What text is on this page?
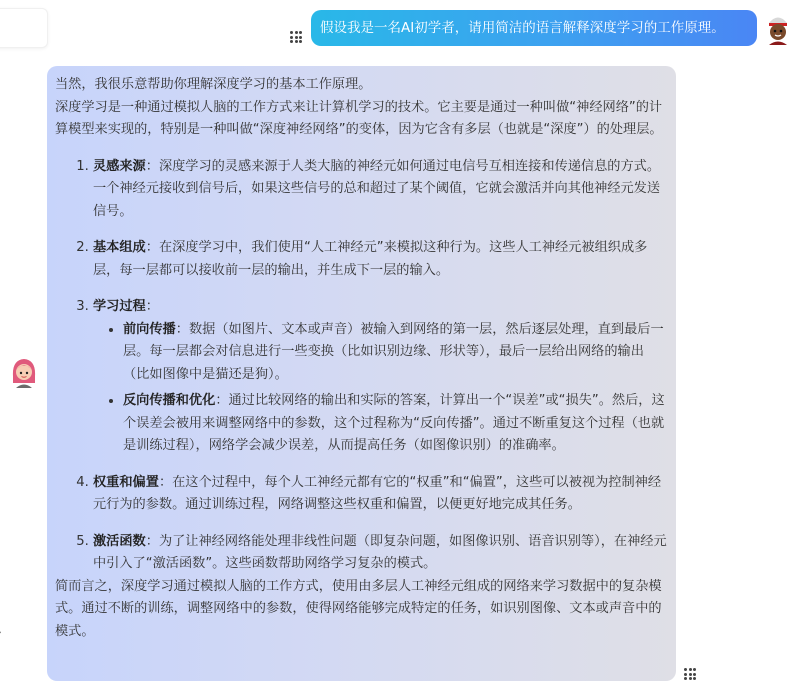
假设我是一名AI初学者，请用简洁的语言解释深度学习的工作原理。

当然，我很乐意帮助你理解深度学习的基本工作原理。

深度学习是一种通过模拟人脑的工作方式来让计算机学习的技术。它主要是通过一种叫做“神经网络”的计算模型来实现的，特别是一种叫做“深度神经网络”的变体，因为它含有多层（也就是“深度”）的处理层。

1. 灵感来源：深度学习的灵感来源于人类大脑的神经元如何通过电信号互相连接和传递信息的方式。一个神经元接收到信号后，如果这些信号的总和超过了某个阈值，它就会激活并向其他神经元发送信号。
2. 基本组成：在深度学习中，我们使用“人工神经元”来模拟这种行为。这些人工神经元被组织成多层，每一层都可以接收前一层的输出，并生成下一层的输入。
3. 学习过程：
• 前向传播：数据（如图片、文本或声音）被输入到网络的第一层，然后逐层处理，直到最后一层。每一层都会对信息进行一些变换（比如识别边缘、形状等），最后一层给出网络的输出（比如图像中是猫还是狗）。
• 反向传播和优化：通过比较网络的输出和实际的答案，计算出一个“误差”或“损失”。然后，这个误差会被用来调整网络中的参数，这个过程称为“反向传播”。通过不断重复这个过程（也就是训练过程），网络学会减少误差，从而提高任务（如图像识别）的准确率。
4. 权重和偏置：在这个过程中，每个人工神经元都有它的“权重”和“偏置”，这些可以被视为控制神经元行为的参数。通过训练过程，网络调整这些权重和偏置，以便更好地完成其任务。
5. 激活函数：为了让神经网络能处理非线性问题（即复杂问题，如图像识别、语音识别等），在神经元中引入了“激活函数”。这些函数帮助网络学习复杂的模式。

简而言之，深度学习通过模拟人脑的工作方式，使用由多层人工神经元组成的网络来学习数据中的复杂模式。通过不断的训练，调整网络中的参数，使得网络能够完成特定的任务，如识别图像、文本或声音中的模式。
